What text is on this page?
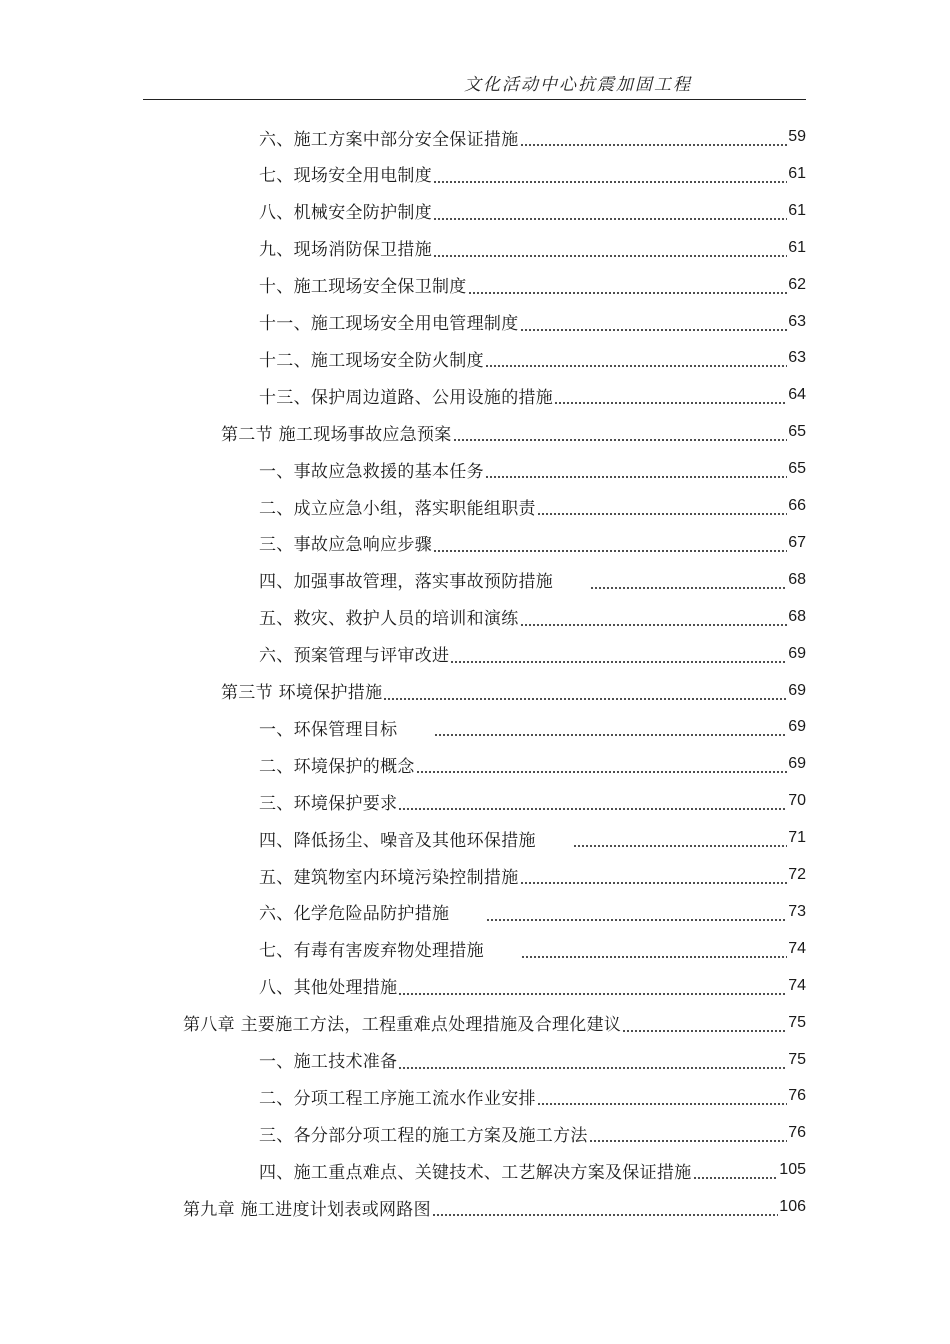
文化活动中心抗震加固工程
六、施工方案中部分安全保证措施	59
七、现场安全用电制度	61
八、机械安全防护制度	61
九、现场消防保卫措施	61
十、施工现场安全保卫制度	62
十一、施工现场安全用电管理制度	63
十二、施工现场安全防火制度	63
十三、保护周边道路、公用设施的措施	64
第二节 施工现场事故应急预案	65
一、事故应急救援的基本任务	65
二、成立应急小组，落实职能组职责	66
三、事故应急响应步骤	67
四、加强事故管理，落实事故预防措施	68
五、救灾、救护人员的培训和演练	68
六、预案管理与评审改进	69
第三节 环境保护措施	69
一、环保管理目标	69
二、环境保护的概念	69
三、环境保护要求	70
四、降低扬尘、噪音及其他环保措施	71
五、建筑物室内环境污染控制措施	72
六、化学危险品防护措施	73
七、有毒有害废弃物处理措施	74
八、其他处理措施	74
第八章 主要施工方法，工程重难点处理措施及合理化建议	75
一、施工技术准备	75
二、分项工程工序施工流水作业安排	76
三、各分部分项工程的施工方案及施工方法	76
四、施工重点难点、关键技术、工艺解决方案及保证措施	105
第九章 施工进度计划表或网路图	106
